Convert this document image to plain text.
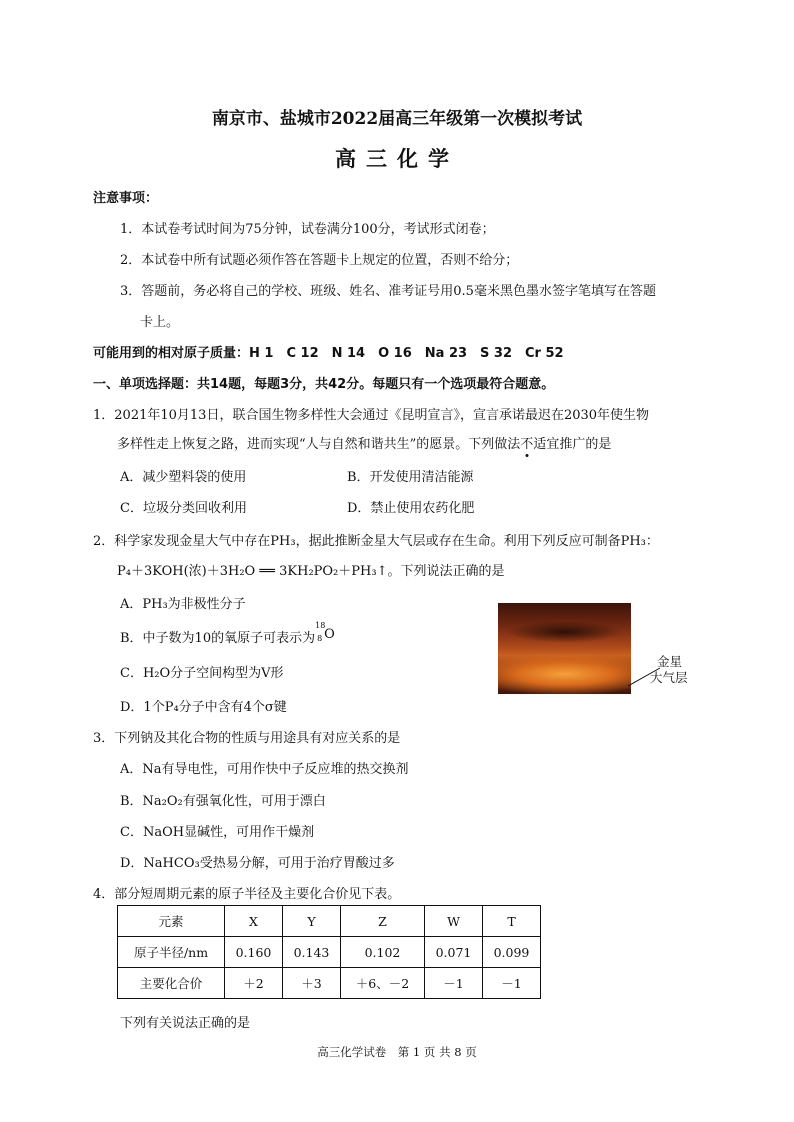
南京市、盐城市2022届高三年级第一次模拟考试
高三化学
注意事项：
1．本试卷考试时间为75分钟，试卷满分100分，考试形式闭卷；
2．本试卷中所有试题必须作答在答题卡上规定的位置，否则不给分；
3．答题前，务必将自己的学校、班级、姓名、准考证号用0.5毫米黑色墨水签字笔填写在答题
卡上。
可能用到的相对原子质量：H 1　C 12　N 14　O 16　Na 23　S 32　Cr 52
一、单项选择题：共14题，每题3分，共42分。每题只有一个选项最符合题意。
1．2021年10月13日，联合国生物多样性大会通过《昆明宣言》，宣言承诺最迟在2030年使生物
多样性走上恢复之路，进而实现“人与自然和谐共生”的愿景。下列做法不适宜推广的是
A．减少塑料袋的使用	B．开发使用清洁能源
C．垃圾分类回收利用	D．禁止使用农药化肥
2．科学家发现金星大气中存在PH₃，据此推断金星大气层或存在生命。利用下列反应可制备PH₃：
P₄＋3KOH(浓)＋3H₂O ══ 3KH₂PO₂＋PH₃↑。下列说法正确的是
A．PH₃为非极性分子
B．中子数为10的氧原子可表示为
18
8 O
C．H₂O分子空间构型为V形
D．1个P₄分子中含有4个σ键
金星
大气层
3．下列钠及其化合物的性质与用途具有对应关系的是
A．Na有导电性，可用作快中子反应堆的热交换剂
B．Na₂O₂有强氧化性，可用于漂白
C．NaOH显碱性，可用作干燥剂
D．NaHCO₃受热易分解，可用于治疗胃酸过多
4．部分短周期元素的原子半径及主要化合价见下表。
元素	X	Y	Z	W	T
原子半径/nm	0.160	0.143	0.102	0.071	0.099
主要化合价	＋2	＋3	＋6、－2	－1	－1
下列有关说法正确的是
高三化学试卷　第 1 页 共 8 页
